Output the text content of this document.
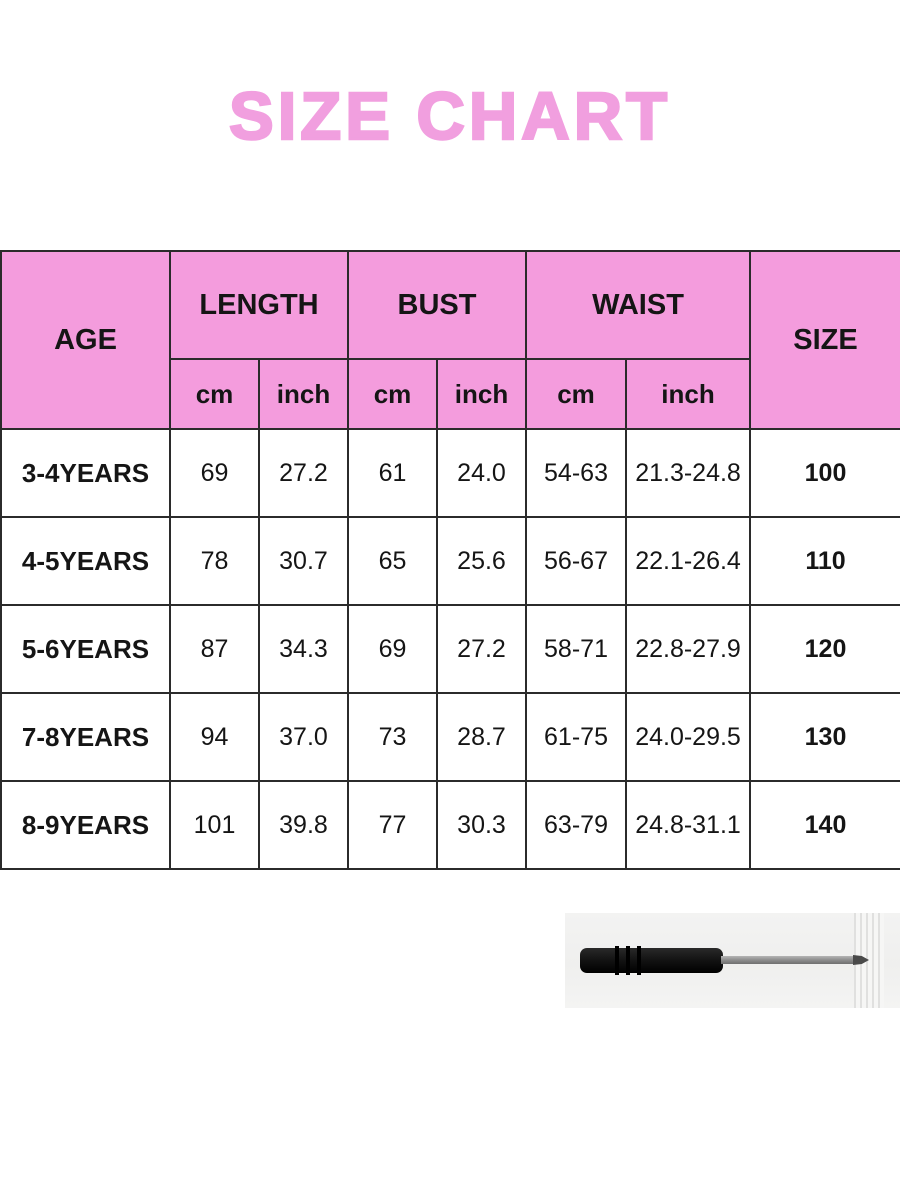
SIZE CHART
AGE	LENGTH		BUST		WAIST		SIZE
	cm	inch	cm	inch	cm	inch	
3-4YEARS	69	27.2	61	24.0	54-63	21.3-24.8	100
4-5YEARS	78	30.7	65	25.6	56-67	22.1-26.4	110
5-6YEARS	87	34.3	69	27.2	58-71	22.8-27.9	120
7-8YEARS	94	37.0	73	28.7	61-75	24.0-29.5	130
8-9YEARS	101	39.8	77	30.3	63-79	24.8-31.1	140
